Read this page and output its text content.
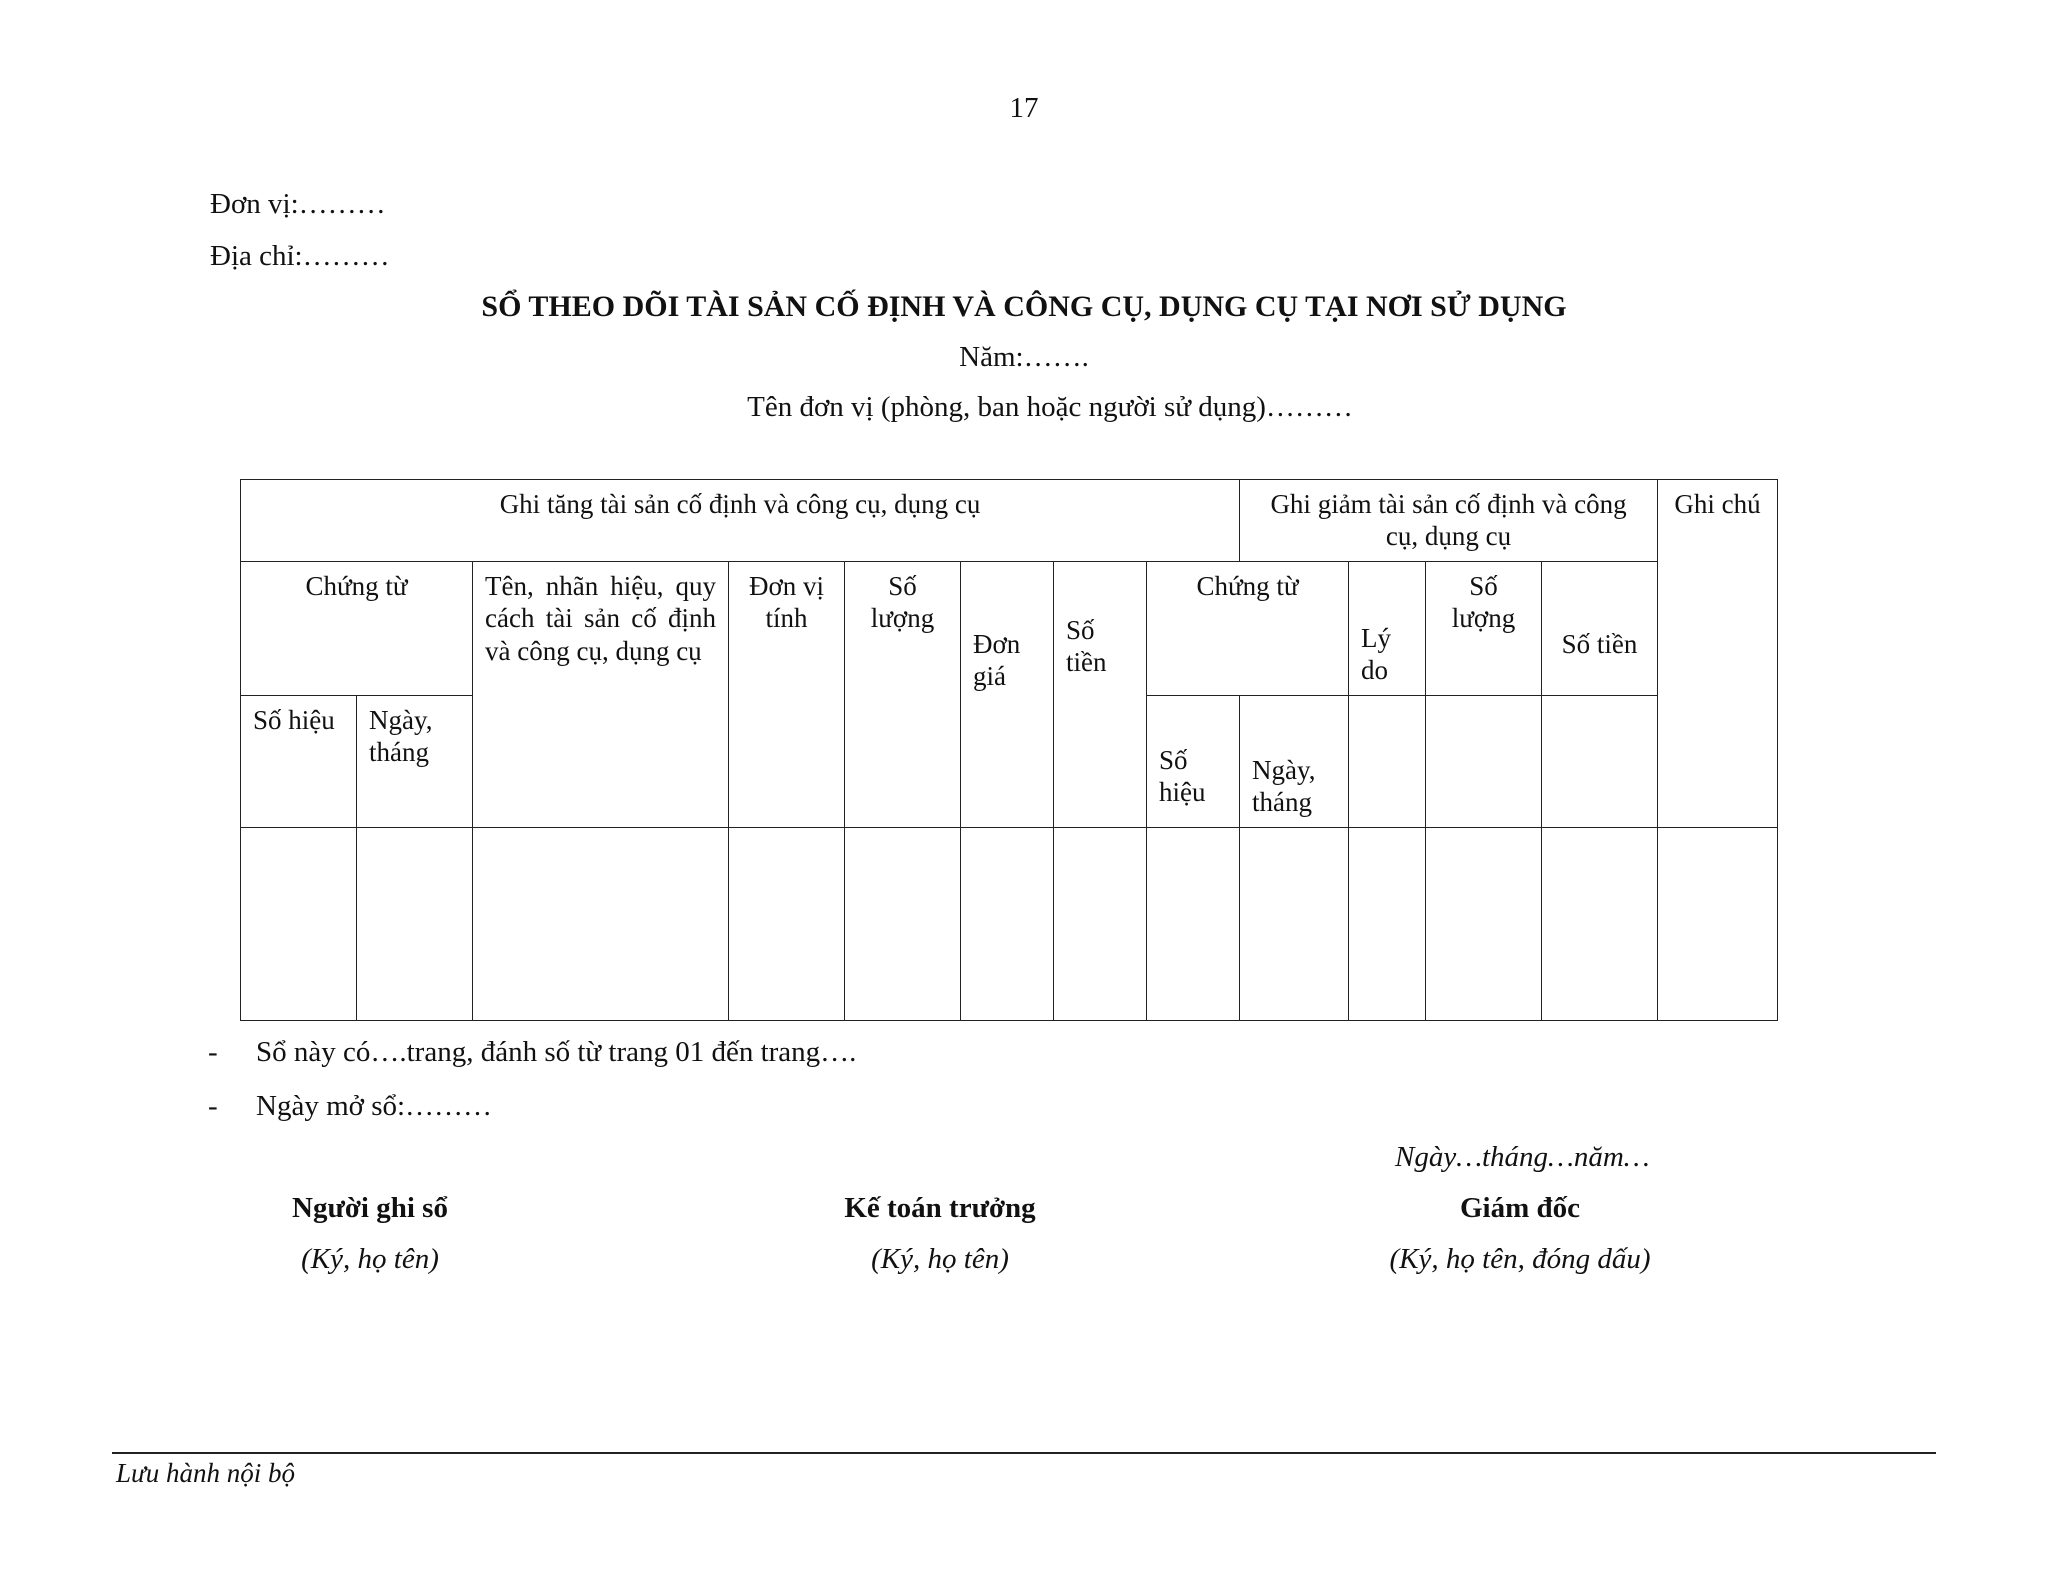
17
Đơn vị:………
Địa chỉ:………
SỔ THEO DÕI TÀI SẢN CỐ ĐỊNH VÀ CÔNG CỤ, DỤNG CỤ TẠI NƠI SỬ DỤNG
Năm:…….
Tên đơn vị (phòng, ban hoặc người sử dụng)………
Ghi tăng tài sản cố định và công cụ, dụng cụ								Ghi giảm tài sản cố định và công cụ, dụng cụ				Ghi chú
Chứng từ		Tên, nhãn hiệu, quy cách tài sản cố định và công cụ, dụng cụ	Đơn vị tính	Số lượng	Đơn giá	Số tiền	Chứng từ		Lý do	Số lượng	Số tiền	
Số hiệu	Ngày, tháng						Số hiệu	Ngày, tháng				

- Sổ này có….trang, đánh số từ trang 01 đến trang….
- Ngày mở sổ:………
Ngày…tháng…năm…
Người ghi sổ
(Ký, họ tên)
Kế toán trưởng
(Ký, họ tên)
Giám đốc
(Ký, họ tên, đóng dấu)
Lưu hành nội bộ
